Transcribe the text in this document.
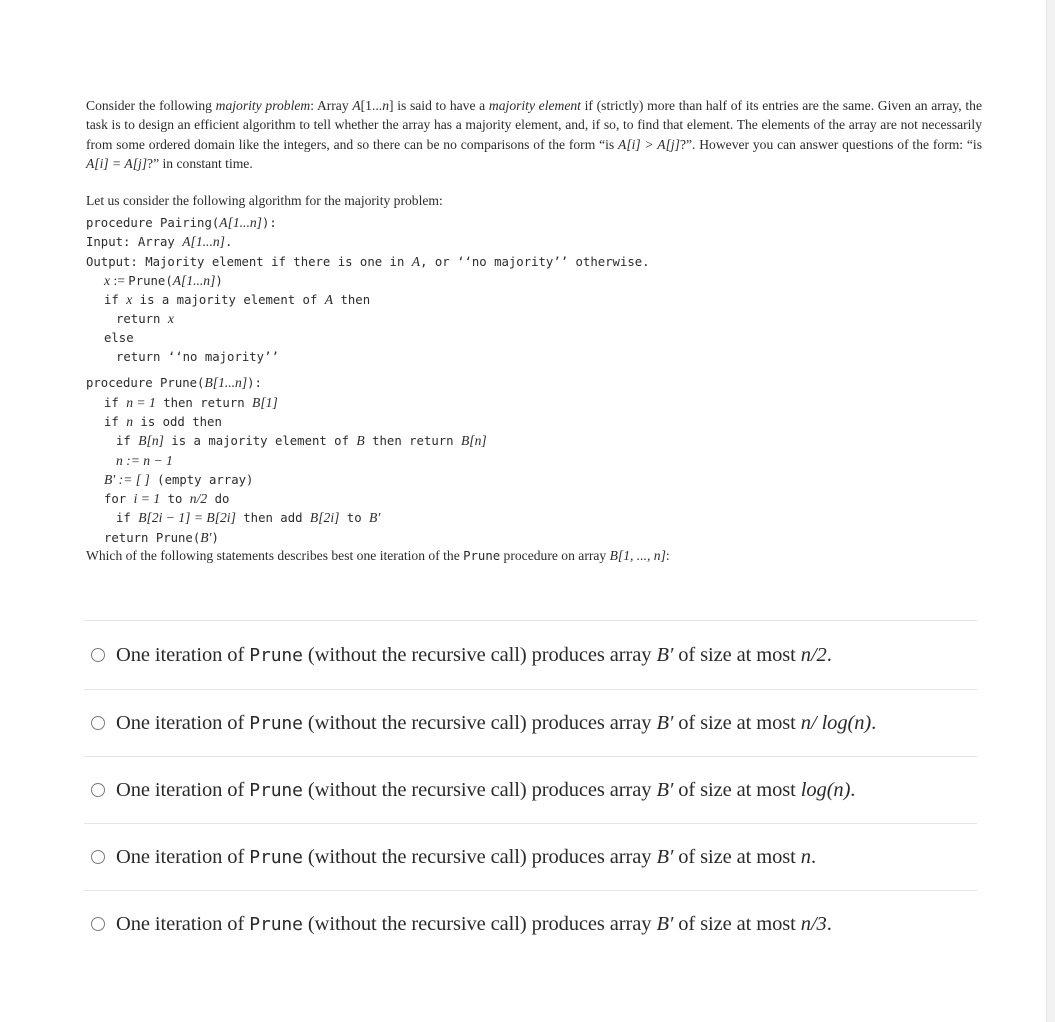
Consider the following majority problem: Array A[1...n] is said to have a majority element if (strictly) more than half of its entries are the same. Given an array, the task is to design an efficient algorithm to tell whether the array has a majority element, and, if so, to find that element. The elements of the array are not necessarily from some ordered domain like the integers, and so there can be no comparisons of the form “is A[i] > A[j]?”. However you can answer questions of the form: “is A[i] = A[j]?” in constant time.

Let us consider the following algorithm for the majority problem:
procedure Pairing(A[1...n]):
Input: Array A[1...n].
Output: Majority element if there is one in A, or ‘‘no majority’’ otherwise.
x := Prune(A[1...n])
if x is a majority element of A then
return x
else
return ‘‘no majority’’
procedure Prune(B[1...n]):
if n = 1 then return B[1]
if n is odd then
if B[n] is a majority element of B then return B[n]
n := n − 1
B′ := [ ] (empty array)
for i = 1 to n/2 do
if B[2i − 1] = B[2i] then add B[2i] to B′
return Prune(B′)
Which of the following statements describes best one iteration of the Prune procedure on array B[1, ..., n]:
One iteration of Prune (without the recursive call) produces array B′ of size at most n/2.
One iteration of Prune (without the recursive call) produces array B′ of size at most n/ log(n).
One iteration of Prune (without the recursive call) produces array B′ of size at most log(n).
One iteration of Prune (without the recursive call) produces array B′ of size at most n.
One iteration of Prune (without the recursive call) produces array B′ of size at most n/3.
